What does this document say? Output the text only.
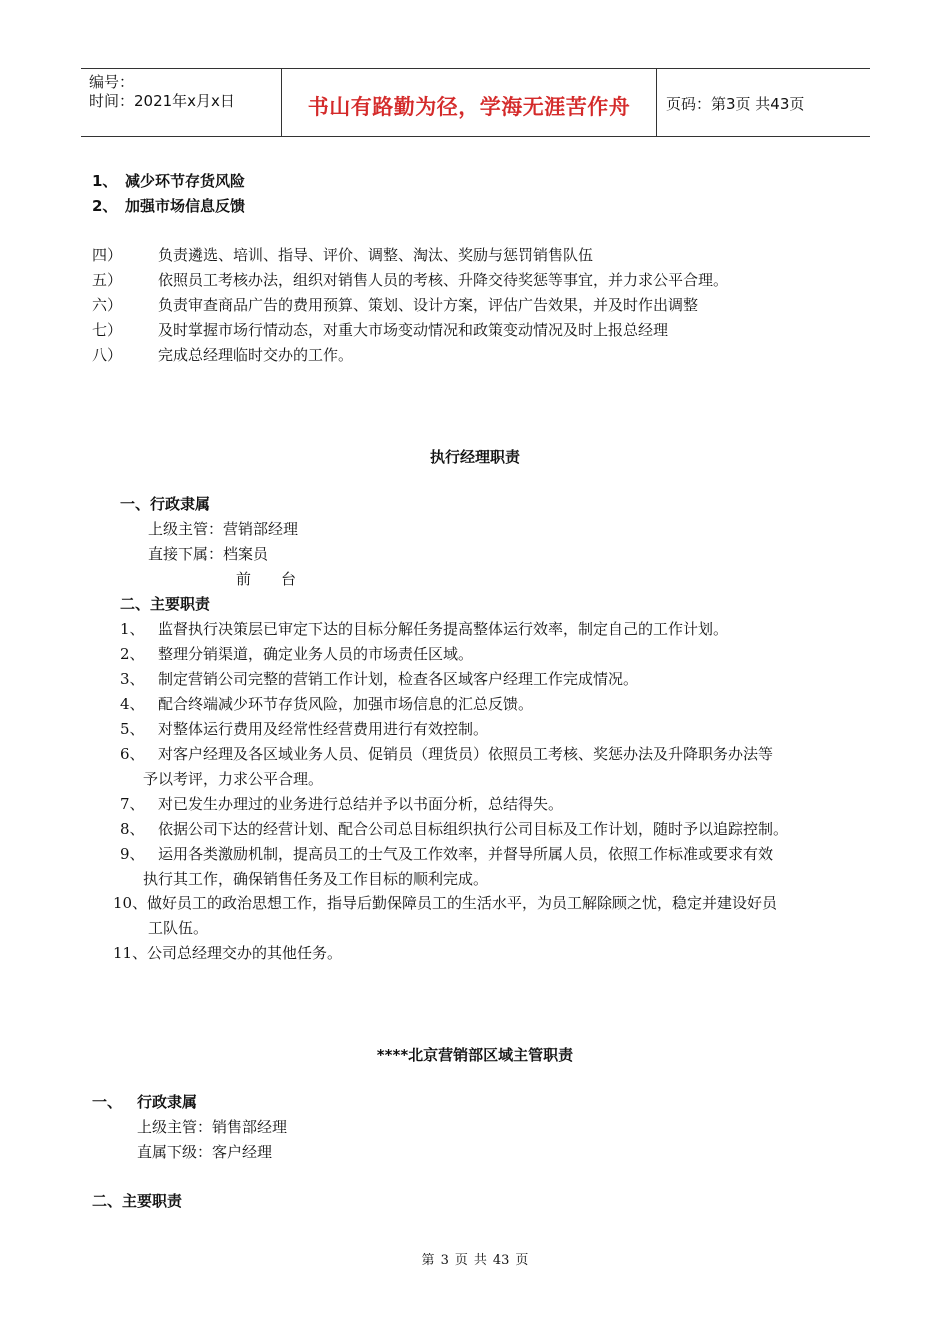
编号：
时间：2021年x月x日	书山有路勤为径，学海无涯苦作舟	页码：第3页 共43页
1、 减少环节存货风险
2、 加强市场信息反馈
四） 负责遴选、培训、指导、评价、调整、淘汰、奖励与惩罚销售队伍
五） 依照员工考核办法，组织对销售人员的考核、升降交待奖惩等事宜，并力求公平合理。
六） 负责审查商品广告的费用预算、策划、设计方案，评估广告效果，并及时作出调整
七） 及时掌握市场行情动态，对重大市场变动情况和政策变动情况及时上报总经理
八） 完成总经理临时交办的工作。
执行经理职责
一、行政隶属
上级主管：营销部经理
直接下属：档案员
前　　台
二、主要职责
1、 监督执行决策层已审定下达的目标分解任务提高整体运行效率，制定自己的工作计划。
2、 整理分销渠道，确定业务人员的市场责任区域。
3、 制定营销公司完整的营销工作计划，检查各区域客户经理工作完成情况。
4、 配合终端减少环节存货风险，加强市场信息的汇总反馈。
5、 对整体运行费用及经常性经营费用进行有效控制。
6、 对客户经理及各区域业务人员、促销员（理货员）依照员工考核、奖惩办法及升降职务办法等
予以考评，力求公平合理。
7、 对已发生办理过的业务进行总结并予以书面分析，总结得失。
8、 依据公司下达的经营计划、配合公司总目标组织执行公司目标及工作计划，随时予以追踪控制。
9、 运用各类激励机制，提高员工的士气及工作效率，并督导所属人员，依照工作标准或要求有效
执行其工作，确保销售任务及工作目标的顺利完成。
10、做好员工的政治思想工作，指导后勤保障员工的生活水平，为员工解除顾之忧，稳定并建设好员
工队伍。
11、公司总经理交办的其他任务。
****北京营销部区域主管职责
一、 行政隶属
上级主管：销售部经理
直属下级：客户经理
二、主要职责
第 3 页 共 43 页
